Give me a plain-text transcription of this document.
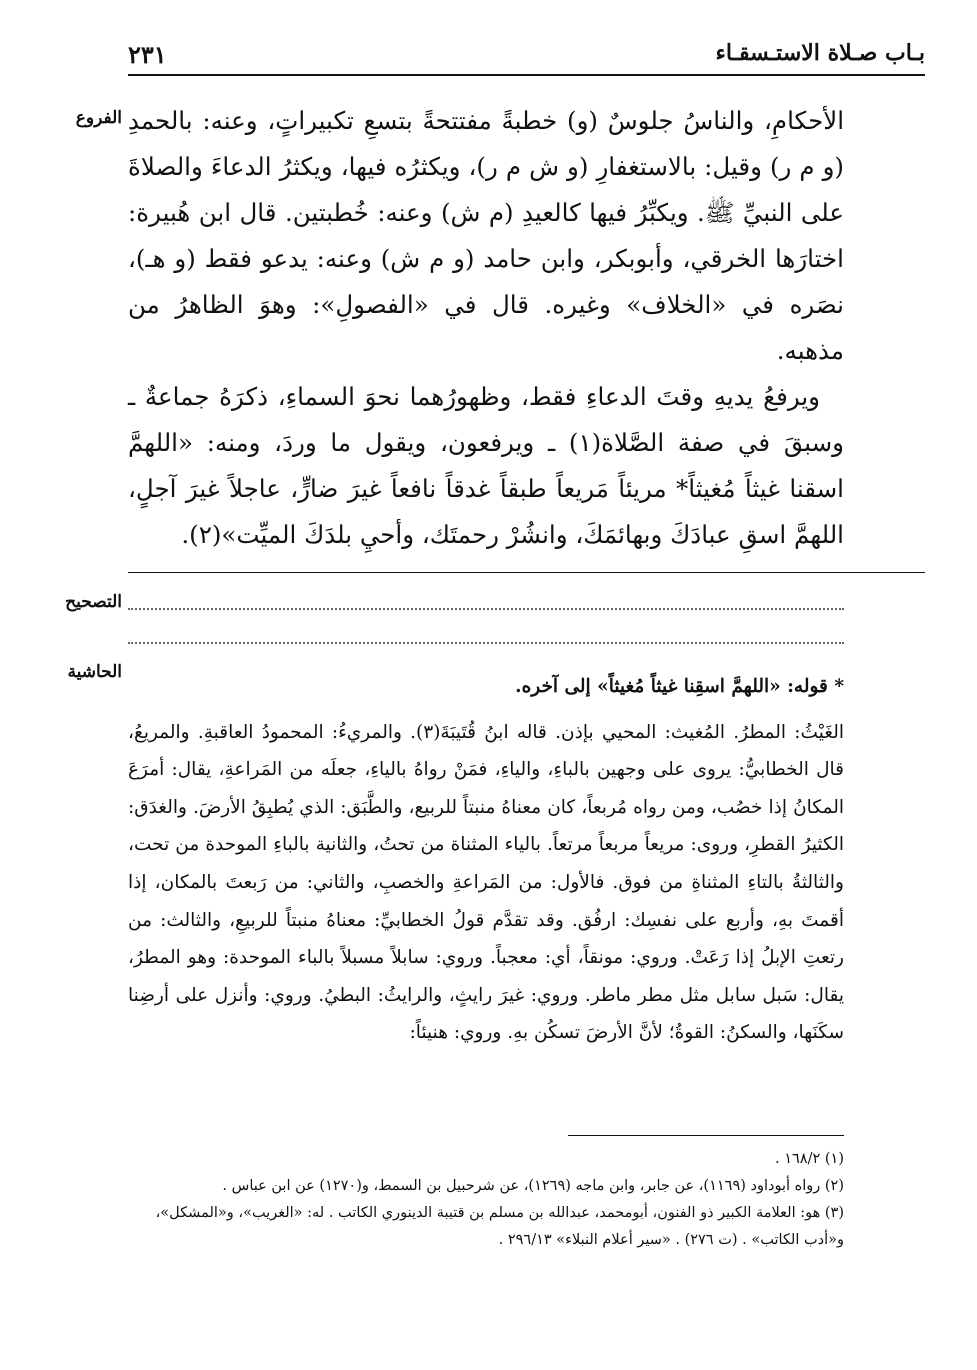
بـاب صـلاة الاستـسقـاء
٢٣١
الفروع
التصحيح
الحاشية

الأحكامِ، والناسُ جلوسٌ (و) خطبةً مفتتحةً بتسعِ تكبيراتٍ، وعنه: بالحمدِ (و م ر) وقيل: بالاستغفارِ (و ش م ر)، ويكثرُه فيها، ويكثرُ الدعاءَ والصلاةَ على النبيِّ ﷺ. ويكبِّرُ فيها كالعيدِ (م ش) وعنه: خُطبتين. قال ابن هُبيرة: اختارَها الخرقي، وأبوبكر، وابن حامد (و م ش) وعنه: يدعو فقط (و هـ)، نصَره في «الخلاف» وغيره. قال في «الفصولِ»: وهوَ الظاهرُ من مذهبه.

ويرفعُ يديهِ وقتَ الدعاءِ فقط، وظهورُهما نحوَ السماءِ، ذكرَهُ جماعةٌ ـ وسبقَ في صفة الصَّلاة(١) ـ ويرفعون، ويقول ما وردَ، ومنه: «اللهمَّ اسقنا غيثاً مُغيثاً* مريئاً مَريعاً طبقاً غدقاً نافعاً غيرَ ضارٍّ، عاجلاً غيرَ آجلٍ، اللهمَّ اسقِ عبادَكَ وبهائمَكَ، وانشُرْ رحمتَك، وأحيِ بلدَكَ الميِّت»(٢).

* قوله: «اللهمَّ اسقِنا غيثاً مُغيثاً» إلى آخره.

الغَيْثُ: المطرُ. المُغيث: المحيي بإذن. قاله ابنُ قُتَيبَةَ(٣). والمريءُ: المحمودُ العاقبةِ. والمريعُ، قال الخطابيُّ: يروى على وجهين بالباءِ، والياءِ، فمَنْ رواهُ بالياءِ، جعلَه من المَراعةِ، يقال: أمرَعَ المكانُ إذا خصُب، ومن رواه مُربعاً، كان معناهُ منبتاً للربيع، والطَّبَق: الذي يُطبِقُ الأرضَ. والغدَق: الكثيرُ القطرِ، وروى: مريعاً مربعاً مرتعاً. بالياء المثناة من تحتُ، والثانية بالباءِ الموحدة من تحت، والثالثةُ بالتاءِ المثناةِ من فوق. فالأول: من المَراعةِ والخصبِ، والثاني: من رَبعتَ بالمكان، إذا أقمتَ بهِ، وأربع على نفسِك: ارفُق. وقد تقدَّم قولُ الخطابيِّ: معناهُ منبتاً للربيعِ، والثالث: من رتعتِ الإبلُ إذا رَعَتْ. وروي: مونقاً، أي: معجباً. وروي: سابلاً مسبلاً بالباء الموحدة: وهو المطرُ، يقال: سَبل سابل مثل مطر ماطر. وروي: غيرَ رايثٍ، والرايثُ: البطيُ. وروي: وأنزل على أرضِنا سكَنَها، والسكنُ: القوةُ؛ لأنَّ الأرضَ تسكُن بهِ. وروي: هنيئاً:

(١) ١٦٨/٢ .

(٢) رواه أبوداود (١١٦٩)، عن جابر، وابن ماجه (١٢٦٩)، عن شرحبيل بن السمط، و(١٢٧٠) عن ابن عباس .

(٣) هو: العلامة الكبير ذو الفنون، أبومحمد، عبدالله بن مسلم بن قتيبة الدينوري الكاتب . له: «الغريب»، و«المشكل»، و«أدب الكاتب» . (ت ٢٧٦) . «سير أعلام النبلاء» ٢٩٦/١٣ .
